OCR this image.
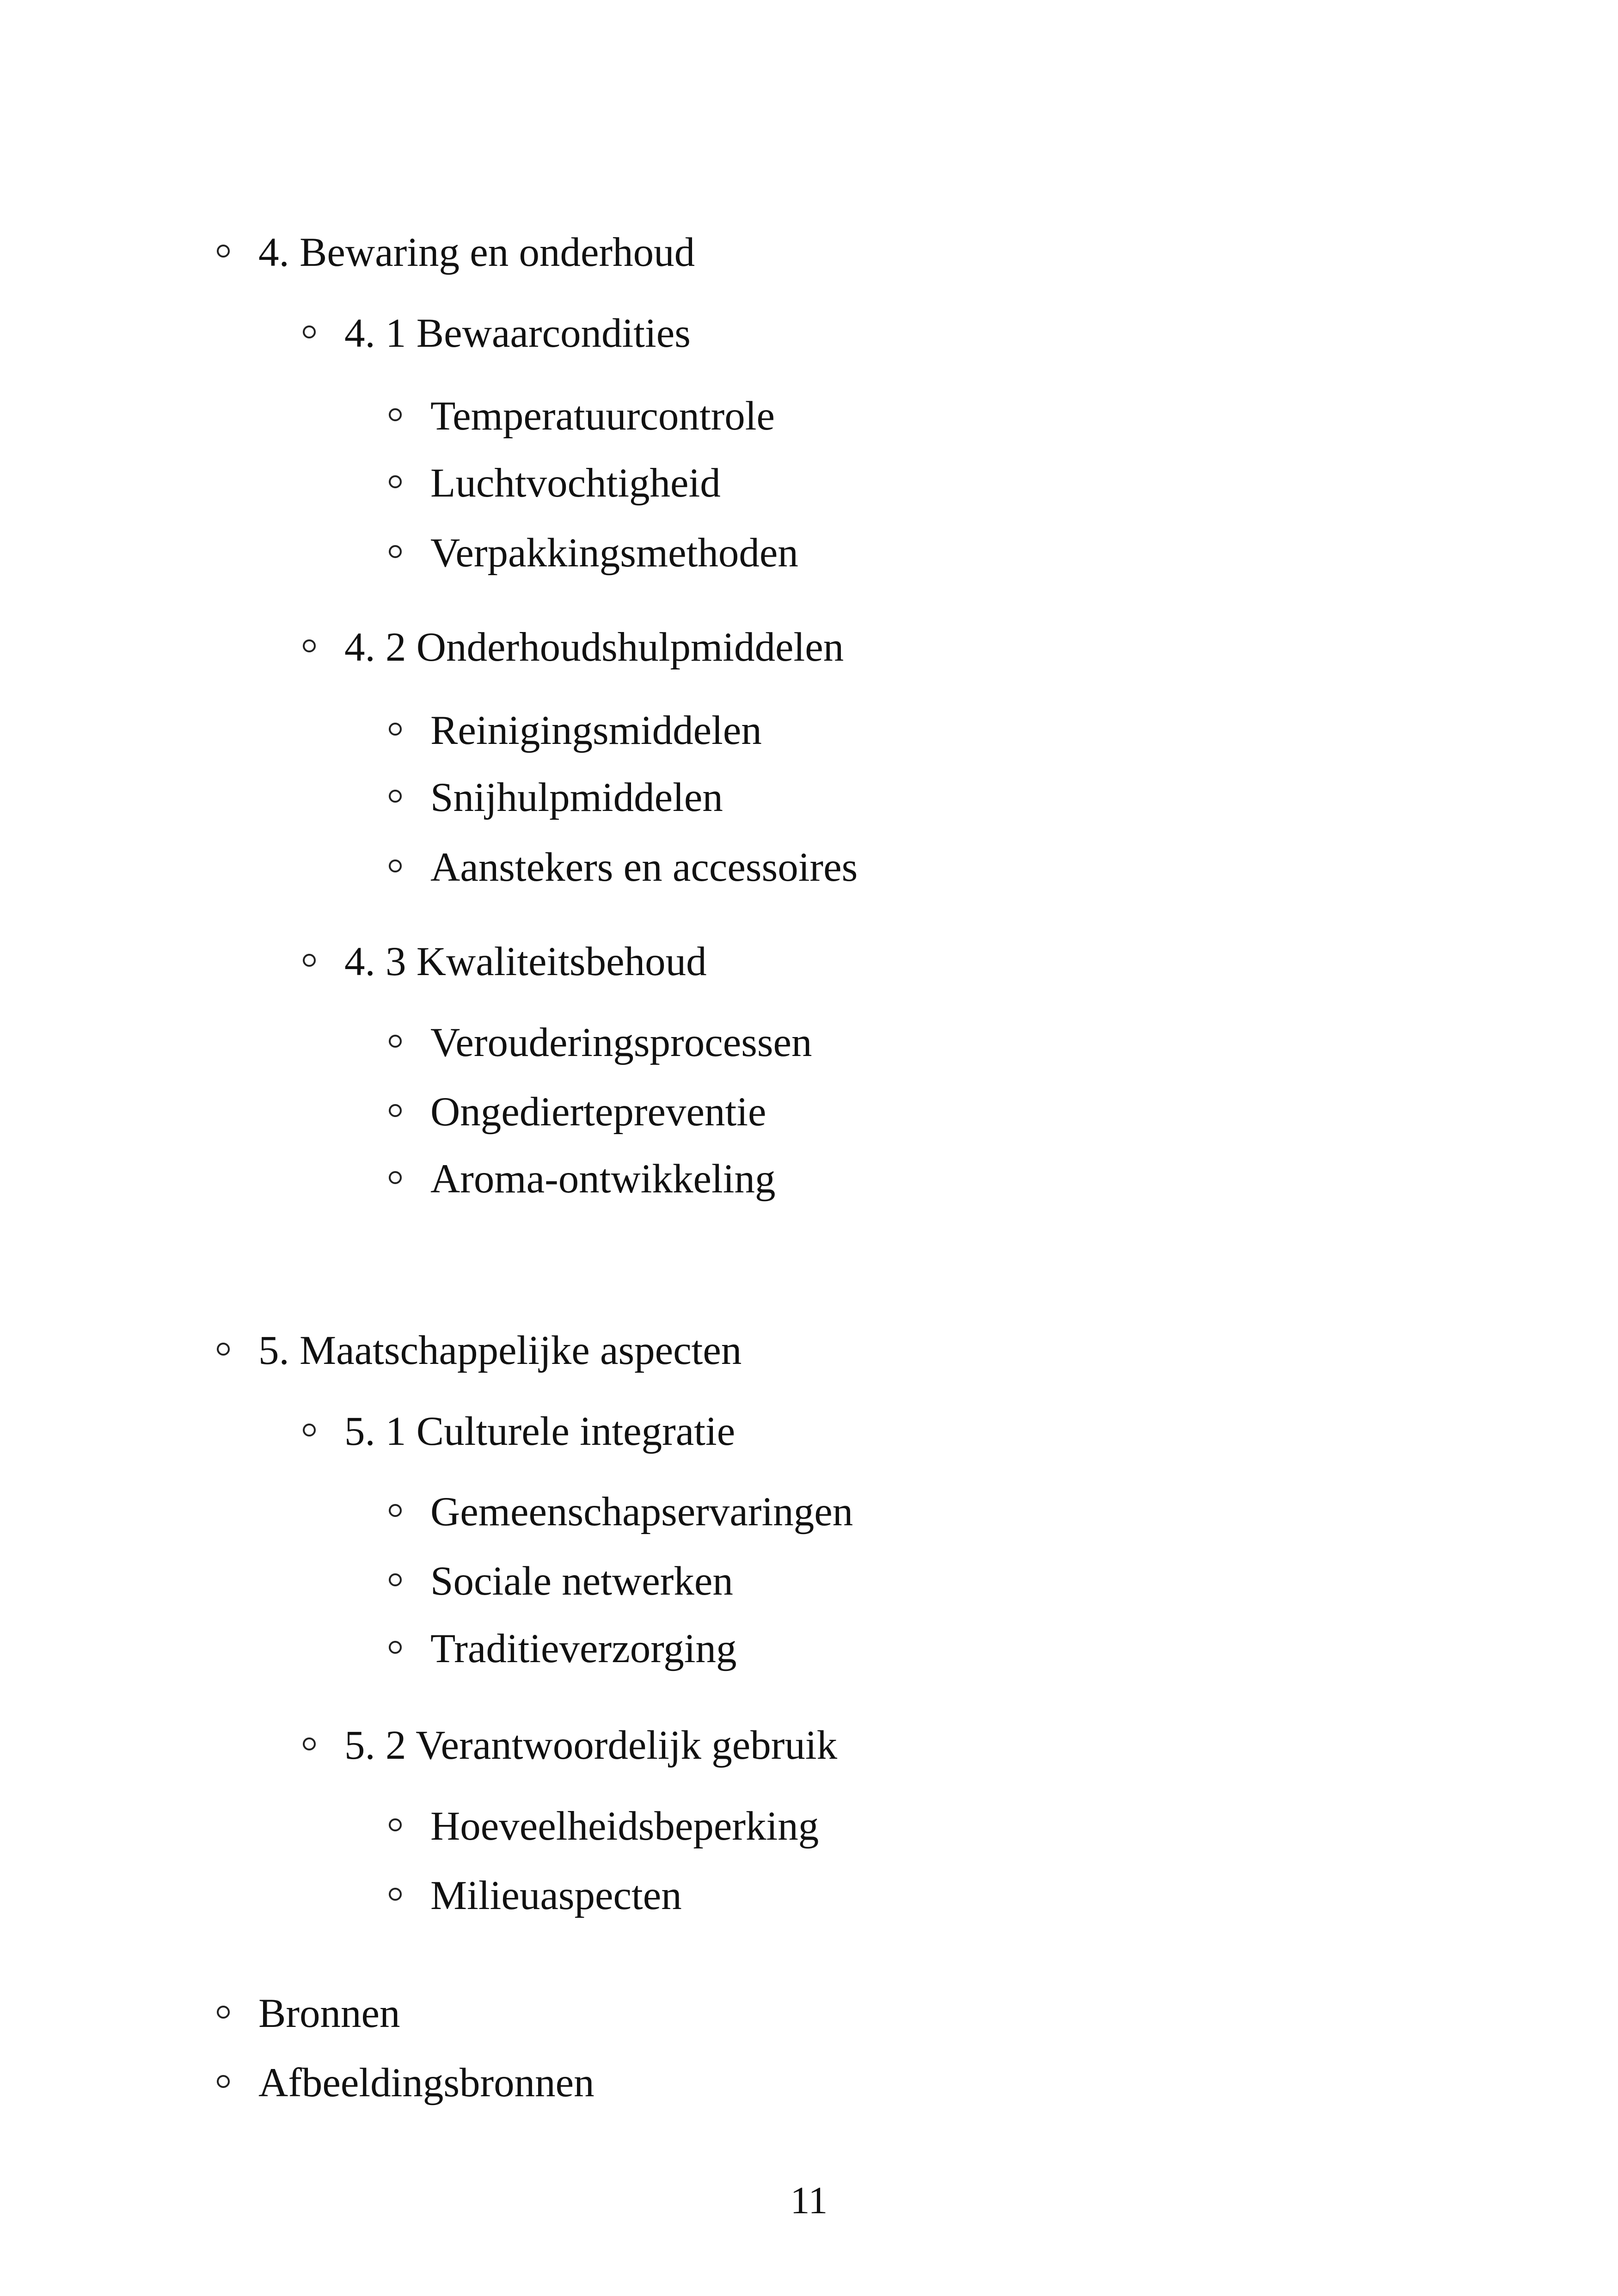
4. Bewaring en onderhoud
4. 1 Bewaarcondities
Temperatuurcontrole
Luchtvochtigheid
Verpakkingsmethoden
4. 2 Onderhoudshulpmiddelen
Reinigingsmiddelen
Snijhulpmiddelen
Aanstekers en accessoires
4. 3 Kwaliteitsbehoud
Verouderingsprocessen
Ongediertepreventie
Aroma-ontwikkeling
5. Maatschappelijke aspecten
5. 1 Culturele integratie
Gemeenschapservaringen
Sociale netwerken
Traditieverzorging
5. 2 Verantwoordelijk gebruik
Hoeveelheidsbeperking
Milieuaspecten
Bronnen
Afbeeldingsbronnen
11
